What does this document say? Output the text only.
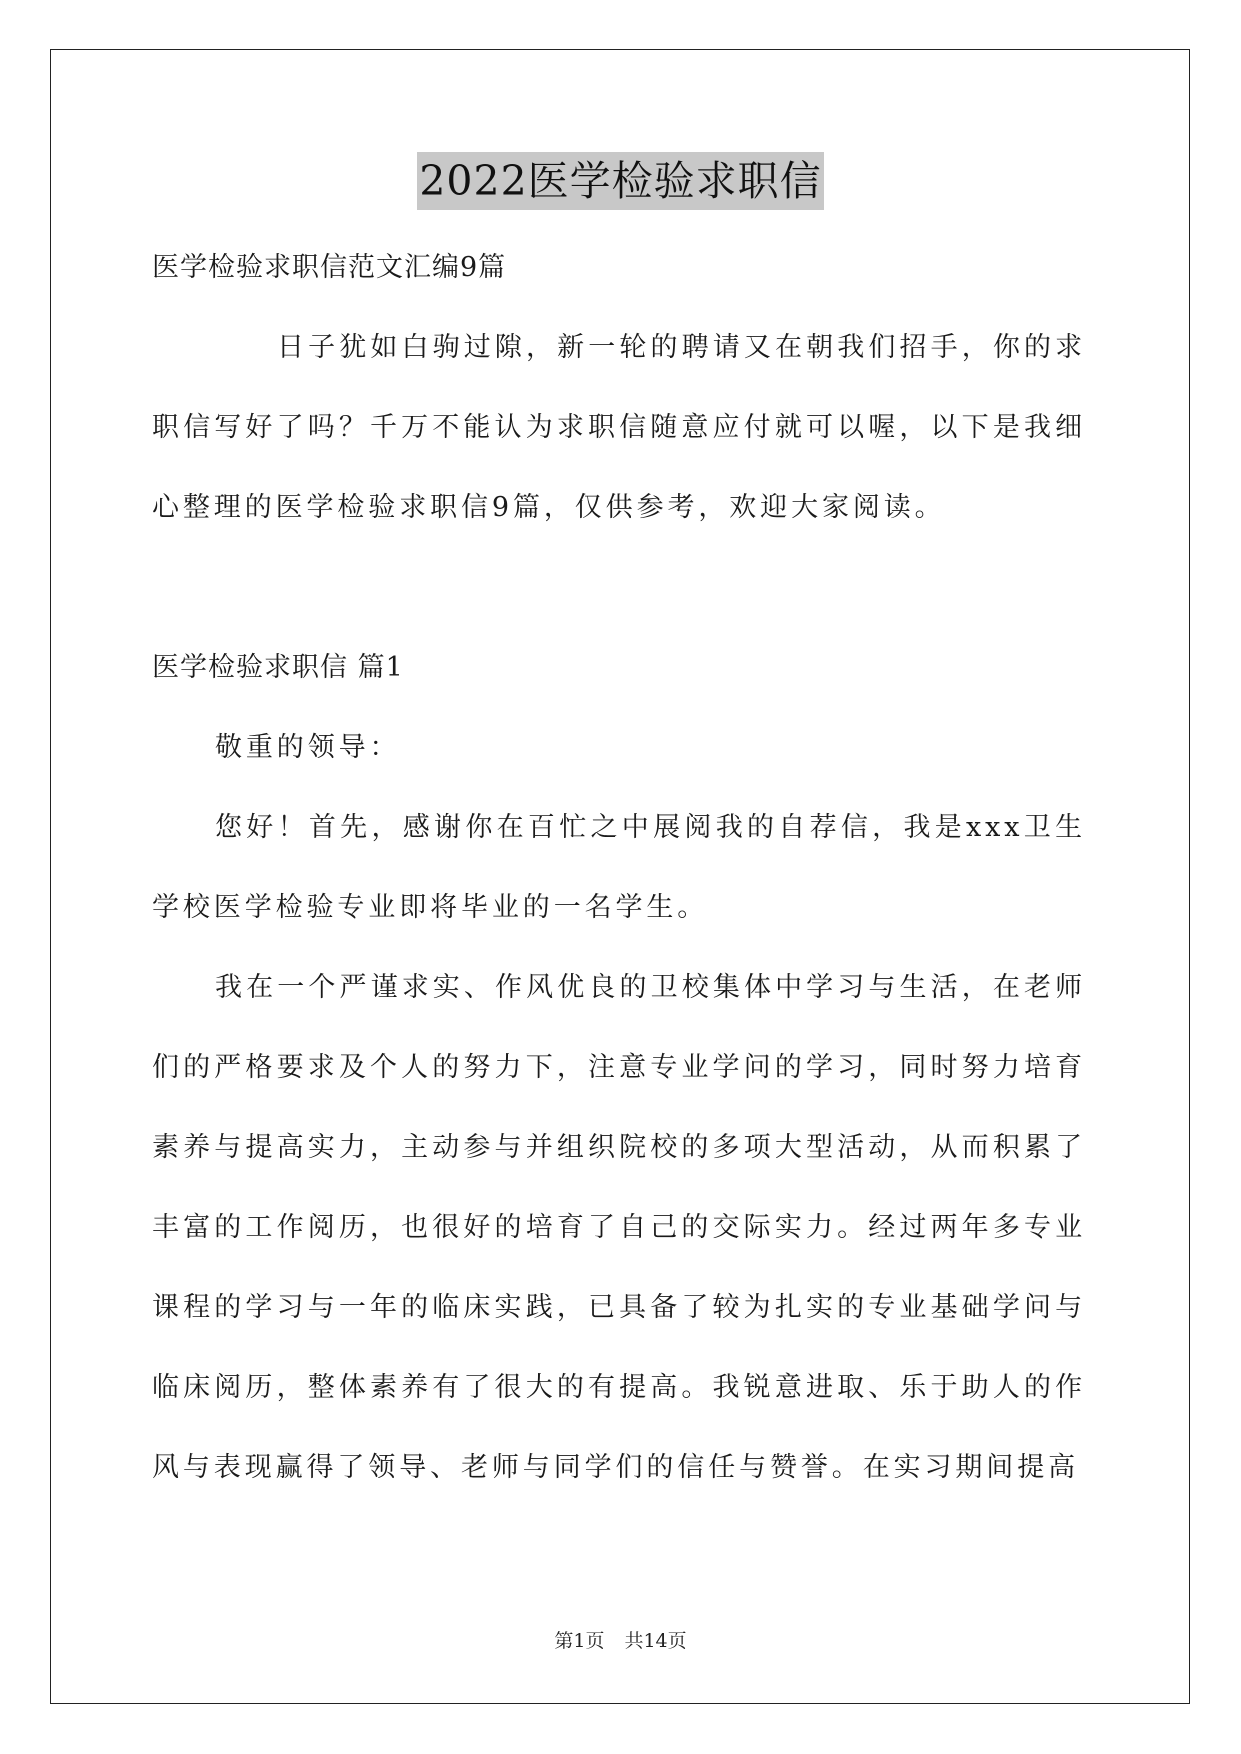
2022医学检验求职信

医学检验求职信范文汇编9篇

日子犹如白驹过隙，新一轮的聘请又在朝我们招手，你的求职信写好了吗？千万不能认为求职信随意应付就可以喔，以下是我细心整理的医学检验求职信9篇，仅供参考，欢迎大家阅读。

医学检验求职信 篇1

敬重的领导：

您好！首先，感谢你在百忙之中展阅我的自荐信，我是xxx卫生学校医学检验专业即将毕业的一名学生。

我在一个严谨求实、作风优良的卫校集体中学习与生活，在老师们的严格要求及个人的努力下，注意专业学问的学习，同时努力培育素养与提高实力，主动参与并组织院校的多项大型活动，从而积累了丰富的工作阅历，也很好的培育了自己的交际实力。经过两年多专业课程的学习与一年的临床实践，已具备了较为扎实的专业基础学问与临床阅历，整体素养有了很大的有提高。我锐意进取、乐于助人的作风与表现赢得了领导、老师与同学们的信任与赞誉。在实习期间提高

第1页 共14页
